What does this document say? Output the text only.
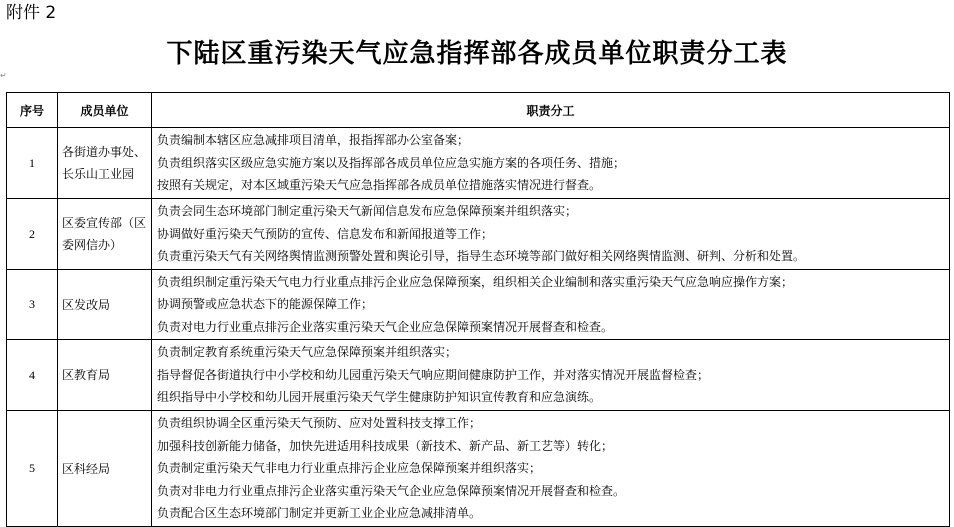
附件 2
下陆区重污染天气应急指挥部各成员单位职责分工表
↵
序号	成员单位	职责分工
1	各街道办事处、长乐山工业园	负责编制本辖区应急减排项目清单，报指挥部办公室备案；
负责组织落实区级应急实施方案以及指挥部各成员单位应急实施方案的各项任务、措施；
按照有关规定，对本区域重污染天气应急指挥部各成员单位措施落实情况进行督查。

2	区委宣传部（区委网信办）	负责会同生态环境部门制定重污染天气新闻信息发布应急保障预案并组织落实；
协调做好重污染天气预防的宣传、信息发布和新闻报道等工作；
负责重污染天气有关网络舆情监测预警处置和舆论引导，指导生态环境等部门做好相关网络舆情监测、研判、分析和处置。

3	区发改局	负责组织制定重污染天气电力行业重点排污企业应急保障预案，组织相关企业编制和落实重污染天气应急响应操作方案；
协调预警或应急状态下的能源保障工作；
负责对电力行业重点排污企业落实重污染天气企业应急保障预案情况开展督查和检查。

4	区教育局	负责制定教育系统重污染天气应急保障预案并组织落实；
指导督促各街道执行中小学校和幼儿园重污染天气响应期间健康防护工作，并对落实情况开展监督检查；
组织指导中小学校和幼儿园开展重污染天气学生健康防护知识宣传教育和应急演练。

5	区科经局	负责组织协调全区重污染天气预防、应对处置科技支撑工作；
加强科技创新能力储备，加快先进适用科技成果（新技术、新产品、新工艺等）转化；
负责制定重污染天气非电力行业重点排污企业应急保障预案并组织落实；
负责对非电力行业重点排污企业落实重污染天气企业应急保障预案情况开展督查和检查。
负责配合区生态环境部门制定并更新工业企业应急减排清单。
